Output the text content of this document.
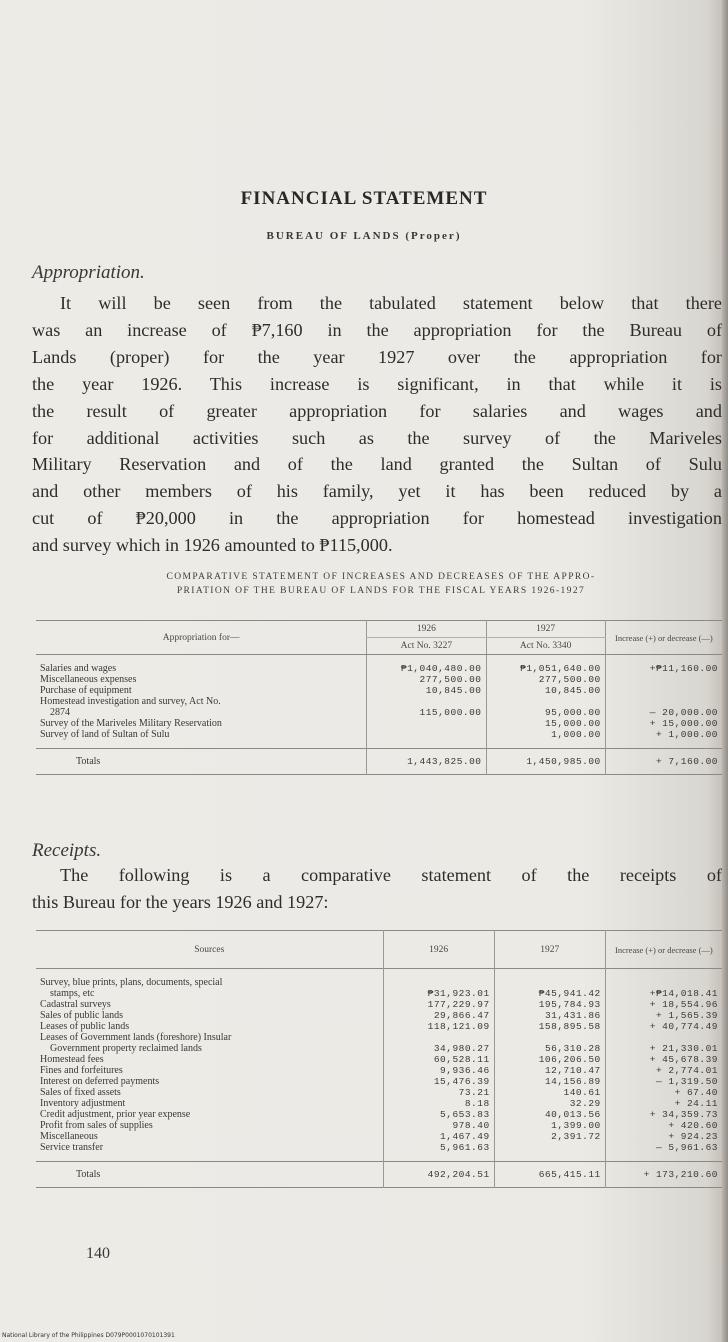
FINANCIAL STATEMENT
BUREAU OF LANDS (Proper)
Appropriation.
It will be seen from the tabulated statement below that there
was an increase of ₱7,160 in the appropriation for the Bureau of
Lands (proper) for the year 1927 over the appropriation for
the year 1926. This increase is significant, in that while it is
the result of greater appropriation for salaries and wages and
for additional activities such as the survey of the Mariveles
Military Reservation and of the land granted the Sultan of Sulu
and other members of his family, yet it has been reduced by a
cut of ₱20,000 in the appropriation for homestead investigation
and survey which in 1926 amounted to ₱115,000.
COMPARATIVE STATEMENT OF INCREASES AND DECREASES OF THE APPRO-
PRIATION OF THE BUREAU OF LANDS FOR THE FISCAL YEARS 1926-1927
Appropriation for—	1926	1927	Increase (+) or decrease (—)
	Act No. 3227	Act No. 3340	
Salaries and wages	₱1,040,480.00	₱1,051,640.00	+₱11,160.00
Miscellaneous expenses	277,500.00	277,500.00	
Purchase of equipment	10,845.00	10,845.00	
Homestead investigation and survey, Act No.			
2874	115,000.00	95,000.00	— 20,000.00
Survey of the Mariveles Military Reservation		15,000.00	+ 15,000.00
Survey of land of Sultan of Sulu		1,000.00	+ 1,000.00

Totals	1,443,825.00	1,450,985.00	+ 7,160.00
Receipts.
The following is a comparative statement of the receipts of
this Bureau for the years 1926 and 1927:
Sources	1926	1927	Increase (+) or decrease (—)
Survey, blue prints, plans, documents, special			
stamps, etc	₱31,923.01	₱45,941.42	+₱14,018.41
Cadastral surveys	177,229.97	195,784.93	+ 18,554.96
Sales of public lands	29,866.47	31,431.86	+ 1,565.39
Leases of public lands	118,121.09	158,895.58	+ 40,774.49
Leases of Government lands (foreshore) Insular			
Government property reclaimed lands	34,980.27	56,310.28	+ 21,330.01
Homestead fees	60,528.11	106,206.50	+ 45,678.39
Fines and forfeitures	9,936.46	12,710.47	+ 2,774.01
Interest on deferred payments	15,476.39	14,156.89	— 1,319.50
Sales of fixed assets	73.21	140.61	+ 67.40
Inventory adjustment	8.18	32.29	+ 24.11
Credit adjustment, prior year expense	5,653.83	40,013.56	+ 34,359.73
Profit from sales of supplies	978.40	1,399.00	+ 420.60
Miscellaneous	1,467.49	2,391.72	+ 924.23
Service transfer	5,961.63		— 5,961.63

Totals	492,204.51	665,415.11	+ 173,210.60
140
National Library of the Philippines D079P0001070101391
